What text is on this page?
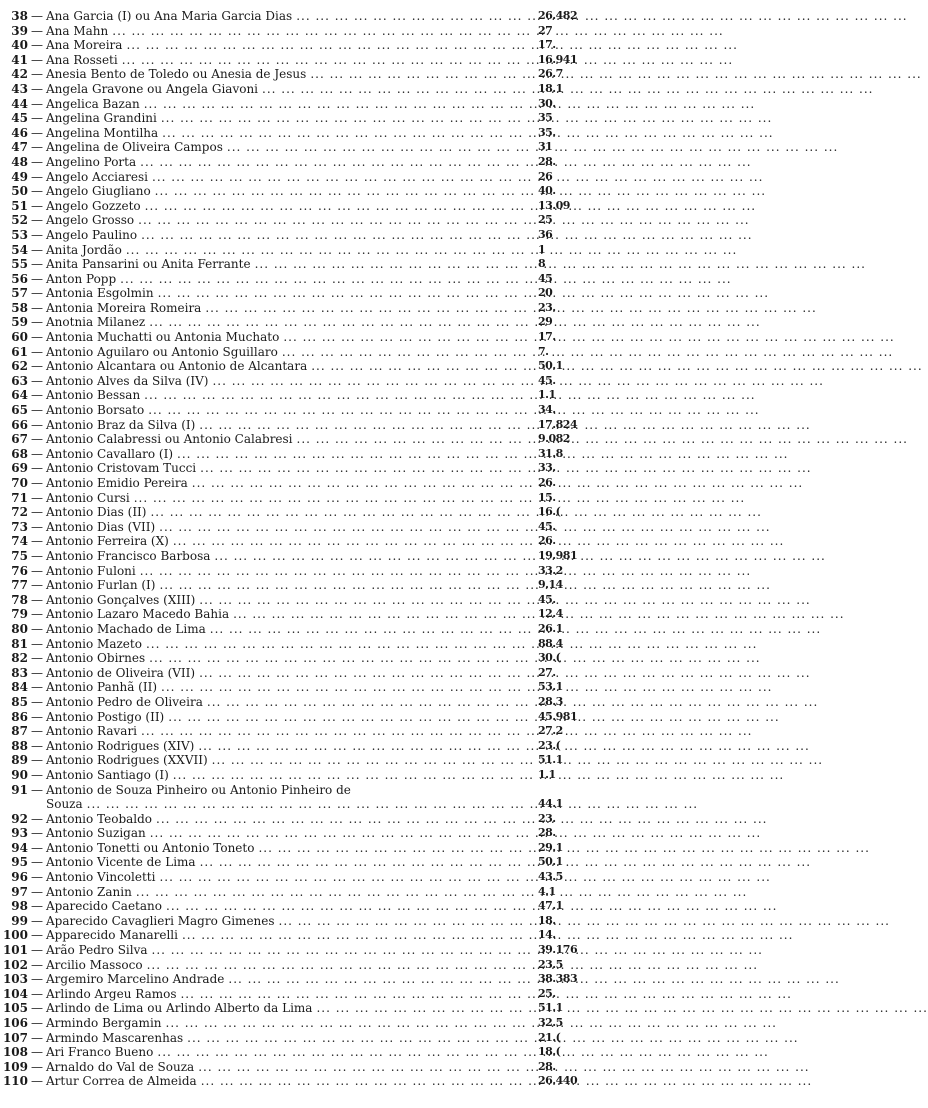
38 — Ana Garcia (I) ou Ana Maria Garcia Dias ... .	26.482
39 — Ana Mahn ... .	27
40 — Ana Moreira ... .	17.
41 — Ana Rosseti ... .	16.941
42 — Anesia Bento de Toledo ou Anesia de Jesus ... .	26.7
43 — Angela Gravone ou Angela Giavoni ... .	18.1
44 — Angelica Bazan ... .	30.
45 — Angelina Grandini ... .	35
46 — Angelina Montilha ... .	35.
47 — Angelina de Oliveira Campos ... .	31
48 — Angelino Porta ... .	28.
49 — Angelo Acciaresi ... .	26
50 — Angelo Giugliano ... .	40.
51 — Angelo Gozzeto ... .	13.09
52 — Angelo Grosso ... .	25
53 — Angelo Paulino ... .	36
54 — Anita Jordão ... .	1
55 — Anita Pansarini ou Anita Ferrante ... .	8
56 — Anton Popp ... .	45
57 — Antonia Esgolmin ... .	20
58 — Antonia Moreira Romeira ... .	23.
59 — Anotnia Milanez ... .	29
60 — Antonia Muchatti ou Antonia Muchato ... .	17.
61 — Antonio Aguilaro ou Antonio Sguillaro ... .	7.
62 — Antonio Alcantara ou Antonio de Alcantara ... .	50.1
63 — Antonio Alves da Silva (IV) ... .	45.
64 — Antonio Bessan ... .	1.1
65 — Antonio Borsato ... .	34.
66 — Antonio Braz da Silva (I) ... .	17.824
67 — Antonio Calabressi ou Antonio Calabresi ... .	9.082
68 — Antonio Cavallaro (I) ... .	31.8
69 — Antonio Cristovam Tucci ... .	33.
70 — Antonio Emidio Pereira ... .	26.
71 — Antonio Cursi ... .	15.
72 — Antonio Dias (II) ... .	16.(
73 — Antonio Dias (VII) ... .	45.
74 — Antonio Ferreira (X) ... .	26.
75 — Antonio Francisco Barbosa ... .	19.981
76 — Antonio Fuloni ... .	33.2
77 — Antonio Furlan (I) ... .	9.14
78 — Antonio Gonçalves (XIII) ... .	45.
79 — Antonio Lazaro Macedo Bahia ... .	12.4
80 — Antonio Machado de Lima ... .	26.1
81 — Antonio Mazeto ... .	88.4
82 — Antonio Obirnes ... .	30.(
83 — Antonio de Oliveira (VII) ... .	27.
84 — Antonio Panhã (II) ... .	53.1
85 — Antonio Pedro de Oliveira ... .	28.3
86 — Antonio Postigo (II) ... .	45.981
87 — Antonio Ravari ... .	27.2
88 — Antonio Rodrigues (XIV) ... .	23.(
89 — Antonio Rodrigues (XXVII) ... .	51.1
90 — Antonio Santiago (I) ... .	1.1
91 — Antonio de Souza Pinheiro ou Antonio Pinheiro de
Souza ... .	44.1
92 — Antonio Teobaldo ... .	23.
93 — Antonio Suzigan ... .	28.
94 — Antonio Tonetti ou Antonio Toneto ... .	29.1
95 — Antonio Vicente de Lima ... .	50.1
96 — Antonio Vincoletti ... .	43.5
97 — Antonio Zanin ... .	4.1
98 — Aparecido Caetano ... .	47.1
99 — Aparecido Cavaglieri Magro Gimenes ... .	18.
100 — Apparecido Manarelli ... .	14.
101 — Arão Pedro Silva ... .	39.176
102 — Arcilio Massoco ... .	23.5
103 — Argemiro Marcelino Andrade ... .	38.383
104 — Arlindo Argeu Ramos ... .	25.
105 — Arlindo de Lima ou Arlindo Alberto da Lima ... .	51.1
106 — Armindo Bergamin ... .	32.5
107 — Armindo Mascarenhas ... .	21.(
108 — Ari Franco Bueno ... .	18.(
109 — Arnaldo do Val de Souza ... .	28.
110 — Artur Correa de Almeida ... .	26.440
